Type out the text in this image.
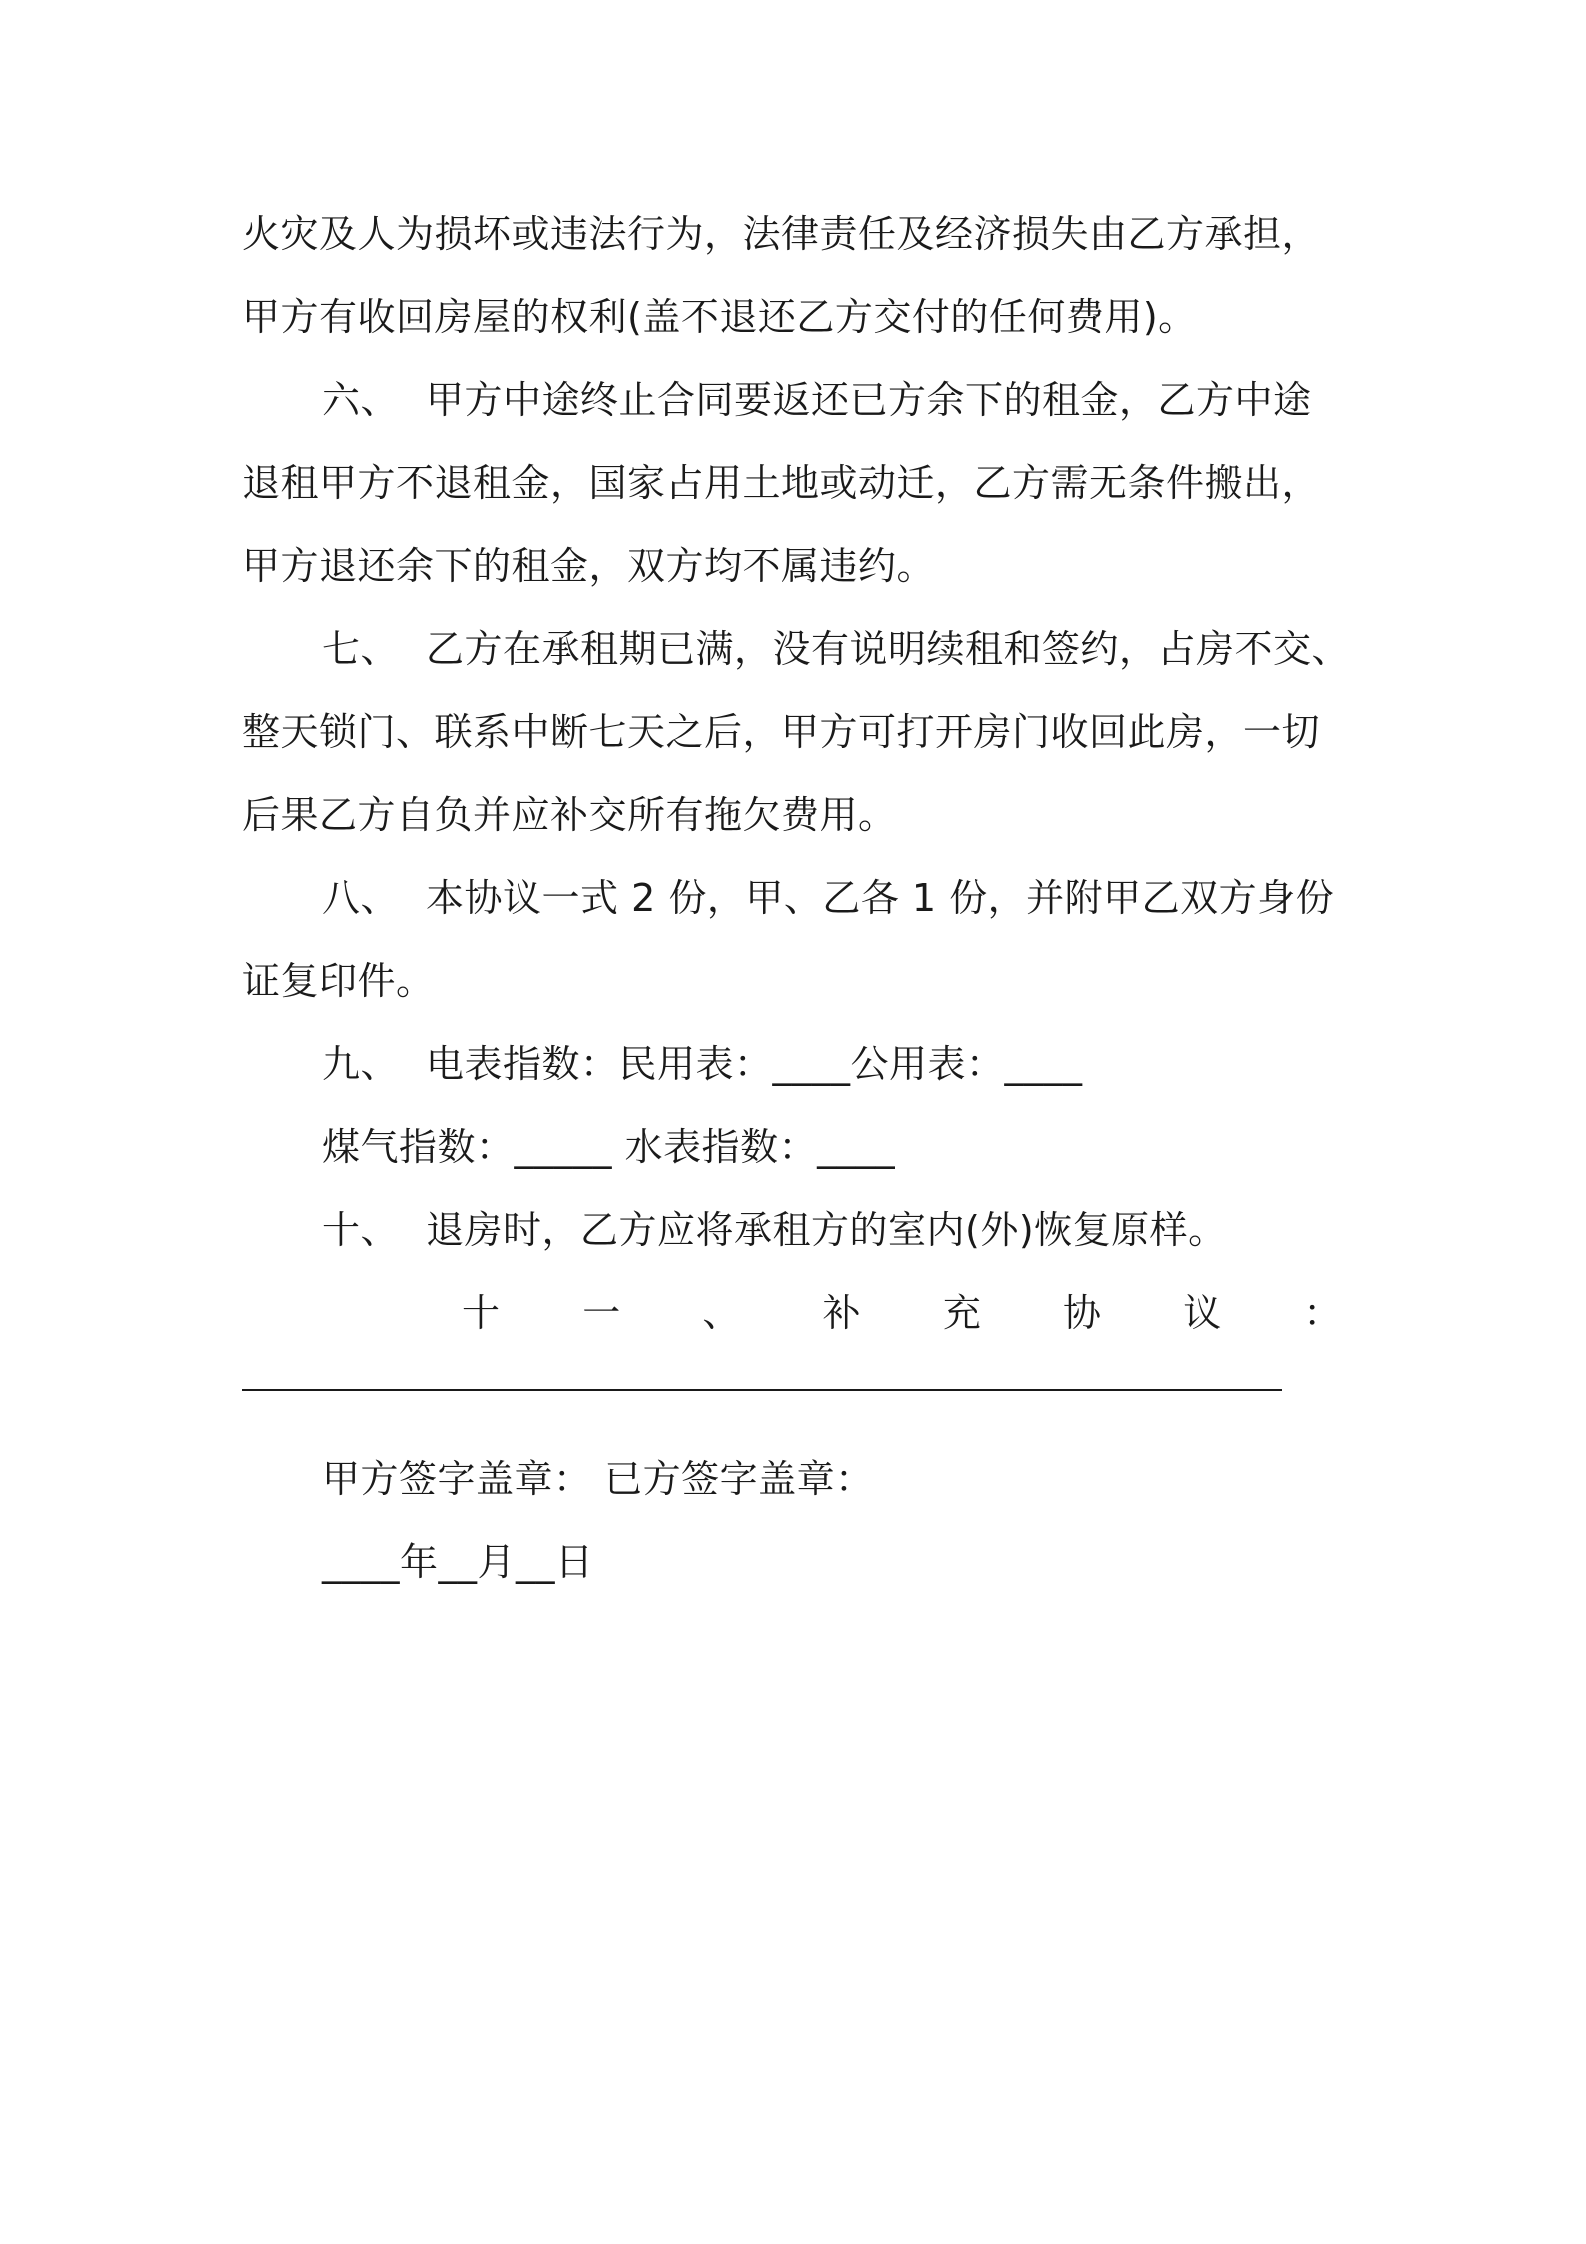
火灾及人为损坏或违法行为，法律责任及经济损失由乙方承担，
甲方有收回房屋的权利(盖不退还乙方交付的任何费用)。
六、 甲方中途终止合同要返还已方余下的租金，乙方中途
退租甲方不退租金，国家占用土地或动迁，乙方需无条件搬出，
甲方退还余下的租金，双方均不属违约。
七、 乙方在承租期已满，没有说明续租和签约，占房不交、
整天锁门、联系中断七天之后，甲方可打开房门收回此房，一切
后果乙方自负并应补交所有拖欠费用。
八、 本协议一式 2 份，甲、乙各 1 份，并附甲乙双方身份
证复印件。
九、 电表指数：民用表：____公用表：____
煤气指数：_____ 水表指数：____
十、 退房时，乙方应将承租方的室内(外)恢复原样。
十 一 、 补 充 协 议 ：
甲方签字盖章： 已方签字盖章：
____年__月__日
